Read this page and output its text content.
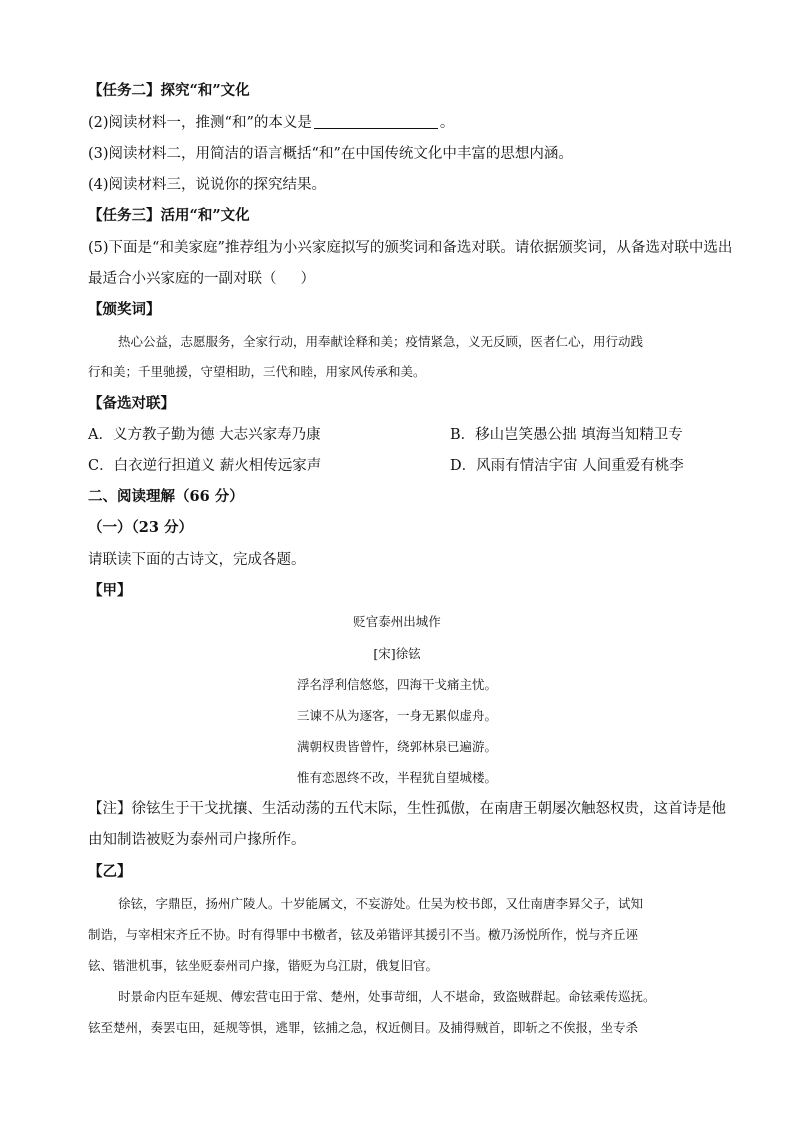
【任务二】探究“和”文化
(2)阅读材料一，推测“和”的本义是	。
(3)阅读材料二，用简洁的语言概括“和”在中国传统文化中丰富的思想内涵。
(4)阅读材料三，说说你的探究结果。
【任务三】活用“和”文化
(5)下面是“和美家庭”推荐组为小兴家庭拟写的颁奖词和备选对联。请依据颁奖词，从备选对联中选出
最适合小兴家庭的一副对联（ ）
【颁奖词】
热心公益，志愿服务，全家行动，用奉献诠释和美；疫情紧急，义无反顾，医者仁心，用行动践
行和美；千里驰援，守望相助，三代和睦，用家风传承和美。
【备选对联】
A．义方教子勤为德 大志兴家寿乃康	B．移山岂笑愚公拙 填海当知精卫专
C．白衣逆行担道义 薪火相传远家声	D．风雨有情洁宇宙 人间重爱有桃李
二、阅读理解（66 分）
（一）（23 分）
请联读下面的古诗文，完成各题。
【甲】
贬官泰州出城作
[宋]徐铉
浮名浮利信悠悠，四海干戈痛主忧。
三谏不从为逐客，一身无累似虚舟。
满朝权贵皆曾忤，绕郭林泉已遍游。
惟有恋恩终不改，半程犹自望城楼。
【注】徐铉生于干戈扰攘、生活动荡的五代末际，生性孤傲，在南唐王朝屡次触怒权贵，这首诗是他
由知制诰被贬为泰州司户掾所作。
【乙】
徐铉，字鼎臣，扬州广陵人。十岁能属文，不妄游处。仕吴为校书郎，又仕南唐李昪父子，试知
制诰，与宰相宋齐丘不协。时有得罪中书檄者，铉及弟锴评其援引不当。檄乃汤悦所作，悦与齐丘诬
铉、锴泄机事，铉坐贬泰州司户掾，锴贬为乌江尉，俄复旧官。
时景命内臣车延规、傅宏营屯田于常、楚州，处事苛细，人不堪命，致盗贼群起。命铉乘传巡抚。
铉至楚州，奏罢屯田，延规等惧，逃罪，铉捕之急，权近侧目。及捕得贼首，即斩之不俟报，坐专杀
